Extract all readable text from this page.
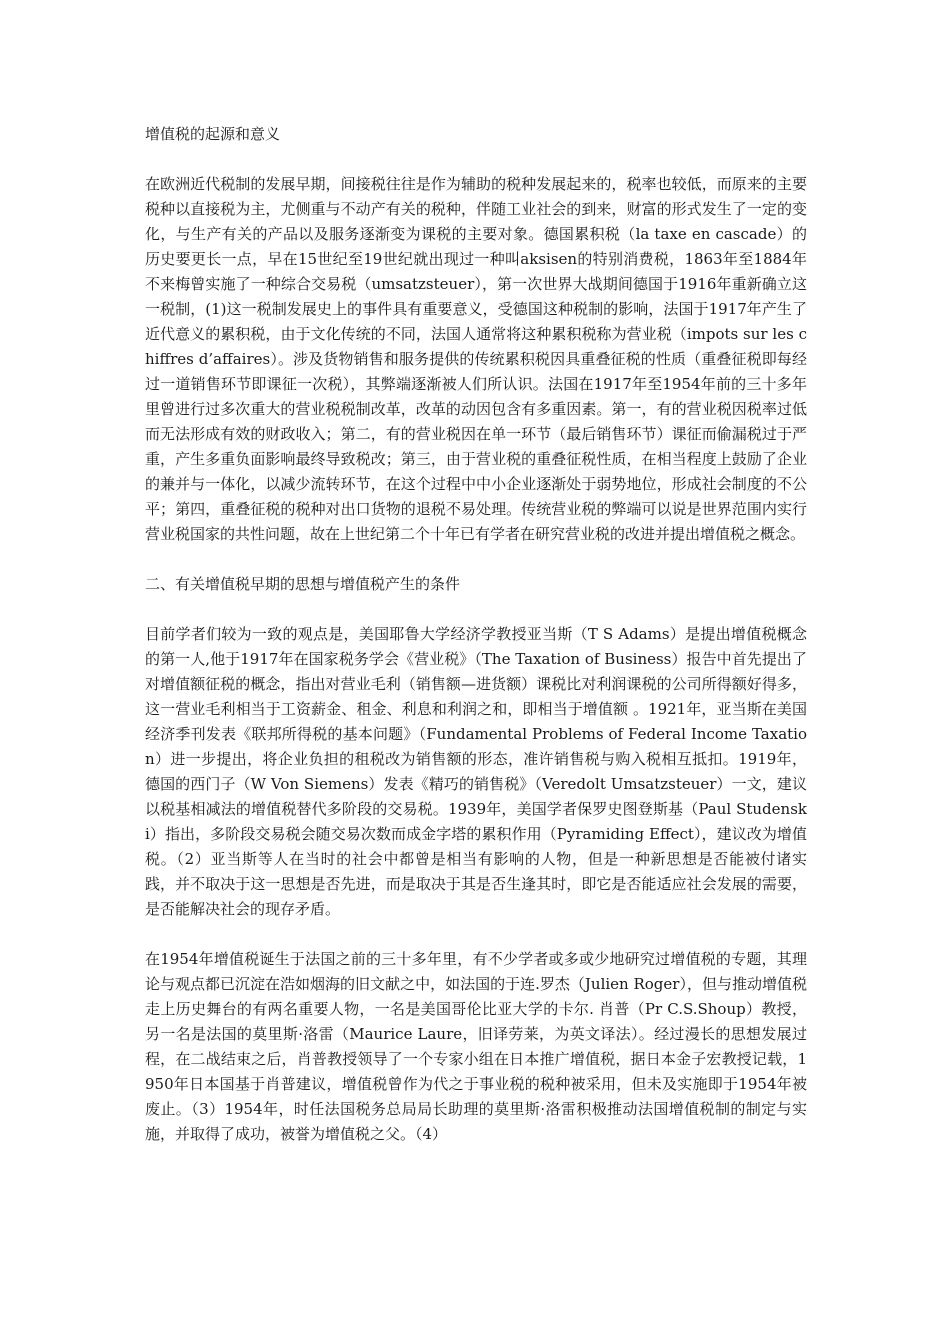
增值税的起源和意义

在欧洲近代税制的发展早期，间接税往往是作为辅助的税种发展起来的，税率也较低，而原来的主要税种以直接税为主，尤侧重与不动产有关的税种，伴随工业社会的到来，财富的形式发生了一定的变化，与生产有关的产品以及服务逐渐变为课税的主要对象。德国累积税（la taxe en cascade）的历史要更长一点，早在15世纪至19世纪就出现过一种叫aksisen的特别消费税，1863年至1884年不来梅曾实施了一种综合交易税（umsatzsteuer），第一次世界大战期间德国于1916年重新确立这一税制，(1)这一税制发展史上的事件具有重要意义，受德国这种税制的影响，法国于1917年产生了近代意义的累积税，由于文化传统的不同，法国人通常将这种累积税称为营业税（impots sur les chiffres d’affaires）。涉及货物销售和服务提供的传统累积税因具重叠征税的性质（重叠征税即每经过一道销售环节即课征一次税），其弊端逐渐被人们所认识。法国在1917年至1954年前的三十多年里曾进行过多次重大的营业税税制改革，改革的动因包含有多重因素。第一，有的营业税因税率过低而无法形成有效的财政收入；第二，有的营业税因在单一环节（最后销售环节）课征而偷漏税过于严重，产生多重负面影响最终导致税改；第三，由于营业税的重叠征税性质，在相当程度上鼓励了企业的兼并与一体化，以减少流转环节，在这个过程中中小企业逐渐处于弱势地位，形成社会制度的不公平；第四，重叠征税的税种对出口货物的退税不易处理。传统营业税的弊端可以说是世界范围内实行营业税国家的共性问题，故在上世纪第二个十年已有学者在研究营业税的改进并提出增值税之概念。

二、有关增值税早期的思想与增值税产生的条件

目前学者们较为一致的观点是，美国耶鲁大学经济学教授亚当斯（T S Adams）是提出增值税概念的第一人,他于1917年在国家税务学会《营业税》（The Taxation of Business）报告中首先提出了对增值额征税的概念，指出对营业毛利（销售额—进货额）课税比对利润课税的公司所得额好得多，这一营业毛利相当于工资薪金、租金、利息和利润之和，即相当于增值额 。1921年，亚当斯在美国经济季刊发表《联邦所得税的基本问题》（Fundamental Problems of Federal Income Taxation）进一步提出，将企业负担的租税改为销售额的形态，准许销售税与购入税相互抵扣。1919年，德国的西门子（W Von Siemens）发表《精巧的销售税》（Veredolt Umsatzsteuer）一文，建议以税基相减法的增值税替代多阶段的交易税。1939年，美国学者保罗史图登斯基（Paul Studenski）指出，多阶段交易税会随交易次数而成金字塔的累积作用（Pyramiding Effect），建议改为增值税。（2）亚当斯等人在当时的社会中都曾是相当有影响的人物，但是一种新思想是否能被付诸实践，并不取决于这一思想是否先进，而是取决于其是否生逢其时，即它是否能适应社会发展的需要，是否能解决社会的现存矛盾。

在1954年增值税诞生于法国之前的三十多年里，有不少学者或多或少地研究过增值税的专题，其理论与观点都已沉淀在浩如烟海的旧文献之中，如法国的于连.罗杰（Julien Roger），但与推动增值税走上历史舞台的有两名重要人物，一名是美国哥伦比亚大学的卡尔. 肖普（Pr C.S.Shoup）教授，另一名是法国的莫里斯·洛雷（Maurice Laure，旧译劳莱，为英文译法）。经过漫长的思想发展过程，在二战结束之后，肖普教授领导了一个专家小组在日本推广增值税，据日本金子宏教授记载，1950年日本国基于肖普建议，增值税曾作为代之于事业税的税种被采用，但未及实施即于1954年被废止。（3）1954年，时任法国税务总局局长助理的莫里斯·洛雷积极推动法国增值税制的制定与实施，并取得了成功，被誉为增值税之父。（4）
